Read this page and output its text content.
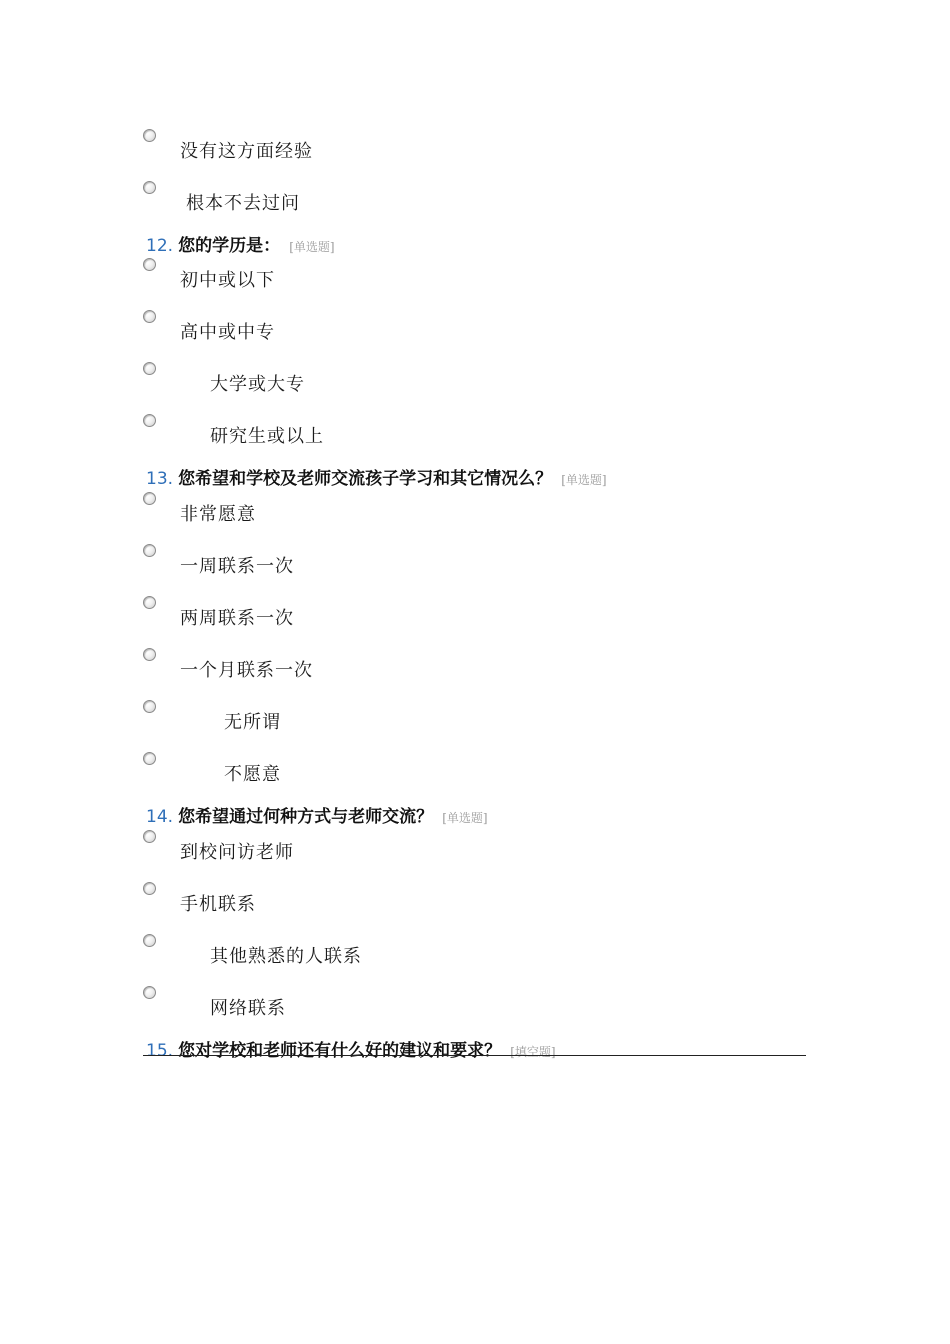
没有这方面经验
根本不去过问
12. 您的学历是： [单选题]
初中或以下
高中或中专
大学或大专
研究生或以上
13. 您希望和学校及老师交流孩子学习和其它情况么？ [单选题]
非常愿意
一周联系一次
两周联系一次
一个月联系一次
无所谓
不愿意
14. 您希望通过何种方式与老师交流？ [单选题]
到校问访老师
手机联系
其他熟悉的人联系
网络联系
15. 您对学校和老师还有什么好的建议和要求？ [填空题]
